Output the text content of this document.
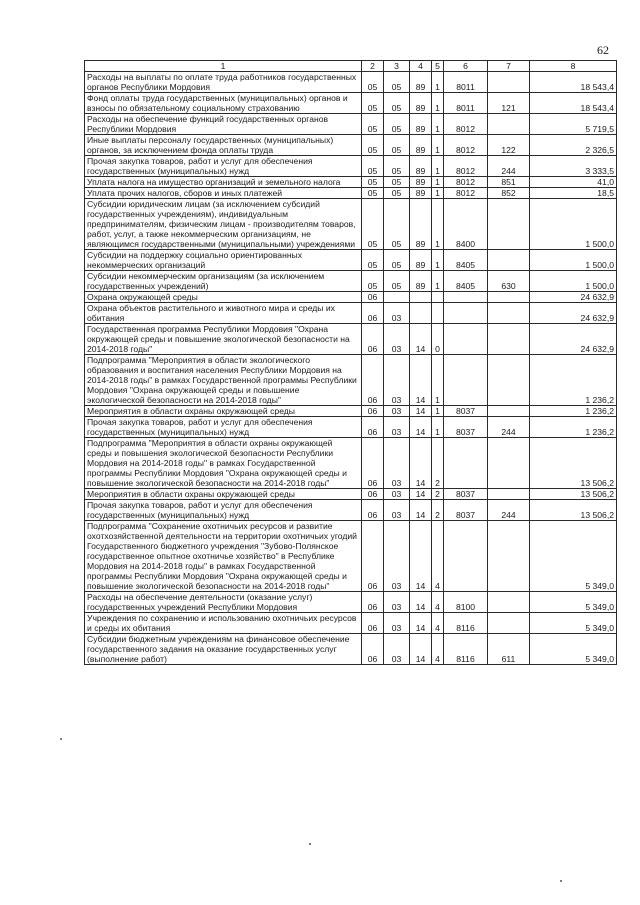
62
1	2	3	4	5	6	7	8
Расходы на выплаты по оплате труда работников государственных органов Республики Мордовия	05	05	89	1	8011		18 543,4
Фонд оплаты труда государственных (муниципальных) органов и взносы по обязательному социальному страхованию	05	05	89	1	8011	121	18 543,4
Расходы на обеспечение функций государственных органов Республики Мордовия	05	05	89	1	8012		5 719,5
Иные выплаты персоналу государственных (муниципальных) органов, за исключением фонда оплаты труда	05	05	89	1	8012	122	2 326,5
Прочая закупка товаров, работ и услуг для обеспечения государственных (муниципальных) нужд	05	05	89	1	8012	244	3 333,5
Уплата налога на имущество организаций и земельного налога	05	05	89	1	8012	851	41,0
Уплата прочих налогов, сборов и иных платежей	05	05	89	1	8012	852	18,5
Субсидии юридическим лицам (за исключением субсидий государственных учреждениям), индивидуальным предпринимателям, физическим лицам - производителям товаров, работ, услуг, а также некоммерческим организациям, не являющимся государственными (муниципальными) учреждениями	05	05	89	1	8400		1 500,0
Субсидии на поддержку социально ориентированных некоммерческих организаций	05	05	89	1	8405		1 500,0
Субсидии некоммерческим организациям (за исключением государственных учреждений)	05	05	89	1	8405	630	1 500,0
Охрана окружающей среды	06						24 632,9
Охрана объектов растительного и животного мира и среды их обитания	06	03					24 632,9
Государственная программа Республики Мордовия "Охрана окружающей среды и повышение экологической безопасности на 2014-2018 годы"	06	03	14	0			24 632,9
Подпрограмма "Мероприятия в области экологического образования и воспитания населения Республики Мордовия на 2014-2018 годы" в рамках Государственной программы Республики Мордовия "Охрана окружающей среды и повышение экологической безопасности на 2014-2018 годы"	06	03	14	1			1 236,2
Мероприятия в области охраны окружающей среды	06	03	14	1	8037		1 236,2
Прочая закупка товаров, работ и услуг для обеспечения государственных (муниципальных) нужд	06	03	14	1	8037	244	1 236,2
Подпрограмма "Мероприятия в области охраны окружающей среды и повышения экологической безопасности Республики Мордовия на 2014-2018 годы" в рамках Государственной программы Республики Мордовия "Охрана окружающей среды и повышение экологической безопасности на 2014-2018 годы"	06	03	14	2			13 506,2
Мероприятия в области охраны окружающей среды	06	03	14	2	8037		13 506,2
Прочая закупка товаров, работ и услуг для обеспечения государственных (муниципальных) нужд	06	03	14	2	8037	244	13 506,2
Подпрограмма "Сохранение охотничьих ресурсов и развитие охотхозяйственной деятельности на территории охотничьих угодий Государственного бюджетного учреждения "Зубово-Полянское государственное опытное охотничье хозяйство" в Республике Мордовия на 2014-2018 годы" в рамках Государственной программы Республики Мордовия "Охрана окружающей среды и повышение экологической безопасности на 2014-2018 годы"	06	03	14	4			5 349,0
Расходы на обеспечение деятельности (оказание услуг) государственных учреждений Республики Мордовия	06	03	14	4	8100		5 349,0
Учреждения по сохранению и использованию охотничьих ресурсов и среды их обитания	06	03	14	4	8116		5 349,0
Субсидии бюджетным учреждениям на финансовое обеспечение государственного задания на оказание государственных услуг (выполнение работ)	06	03	14	4	8116	611	5 349,0
